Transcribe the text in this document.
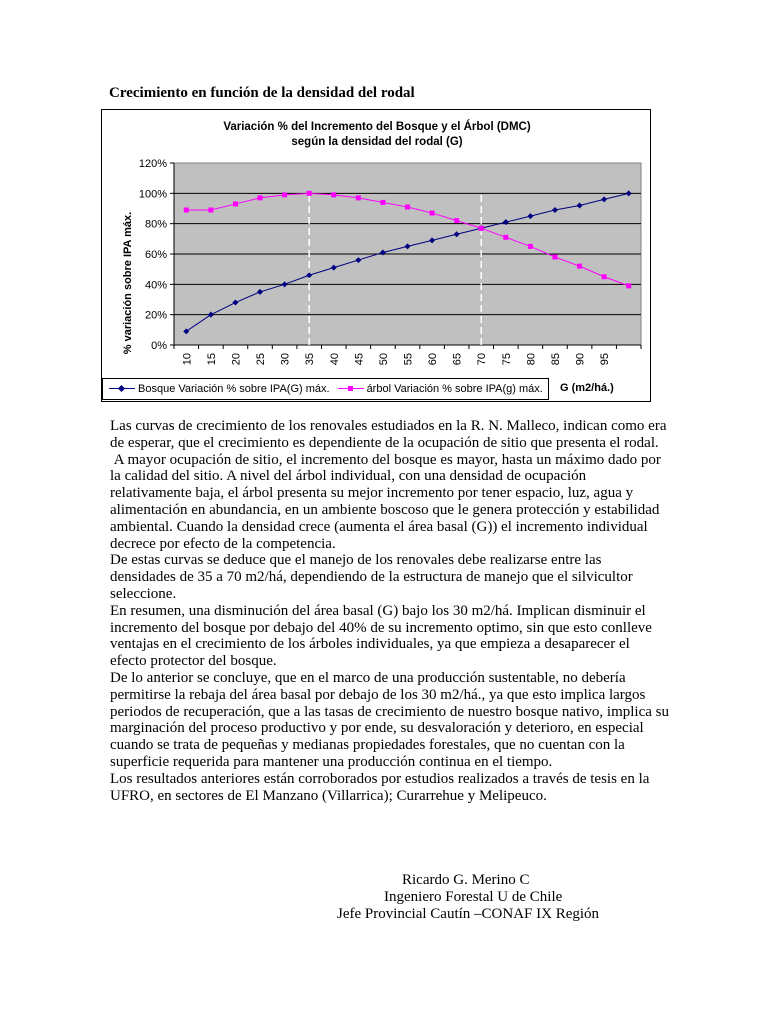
Crecimiento en función de la densidad del rodal
Variación % del Incremento del Bosque y el Árbol (DMC)
según la densidad del rodal (G)
% variación sobre IPA máx. 0%
20%
40%
60%
80%
100%
120%
10 15 20 25 30 35 40 45 50 55 60 65 70 75 80 85 90 95
Bosque Variación % sobre IPA(G) máx.	árbol Variación % sobre IPA(g) máx. G (m2/há.)

Las curvas de crecimiento de los renovales estudiados en la R. N. Malleco, indican como era de esperar, que el crecimiento es dependiente de la ocupación de sitio que presenta el rodal.

A mayor ocupación de sitio, el incremento del bosque es mayor, hasta un máximo dado por la calidad del sitio. A nivel del árbol individual, con una densidad de ocupación relativamente baja, el árbol presenta su mejor incremento por tener espacio, luz, agua y alimentación en abundancia, en un ambiente boscoso que le genera protección y estabilidad ambiental. Cuando la densidad crece (aumenta el área basal (G)) el incremento individual decrece por efecto de la competencia.

De estas curvas se deduce que el manejo de los renovales debe realizarse entre las densidades de 35 a 70 m2/há, dependiendo de la estructura de manejo que el silvicultor seleccione.

En resumen, una disminución del área basal (G) bajo los 30 m2/há. Implican disminuir el incremento del bosque por debajo del 40% de su incremento optimo, sin que esto conlleve ventajas en el crecimiento de los árboles individuales, ya que empieza a desaparecer el efecto protector del bosque.

De lo anterior se concluye, que en el marco de una producción sustentable, no debería permitirse la rebaja del área basal por debajo de los 30 m2/há., ya que esto implica largos periodos de recuperación, que a las tasas de crecimiento de nuestro bosque nativo, implica su marginación del proceso productivo y por ende, su desvaloración y deterioro, en especial cuando se trata de pequeñas y medianas propiedades forestales, que no cuentan con la superficie requerida para mantener una producción continua en el tiempo.

Los resultados anteriores están corroborados por estudios realizados a través de tesis en la UFRO, en sectores de El Manzano (Villarrica); Curarrehue y Melipeuco.

Ricardo G. Merino C
Ingeniero Forestal U de Chile
Jefe Provincial Cautín –CONAF IX Región
